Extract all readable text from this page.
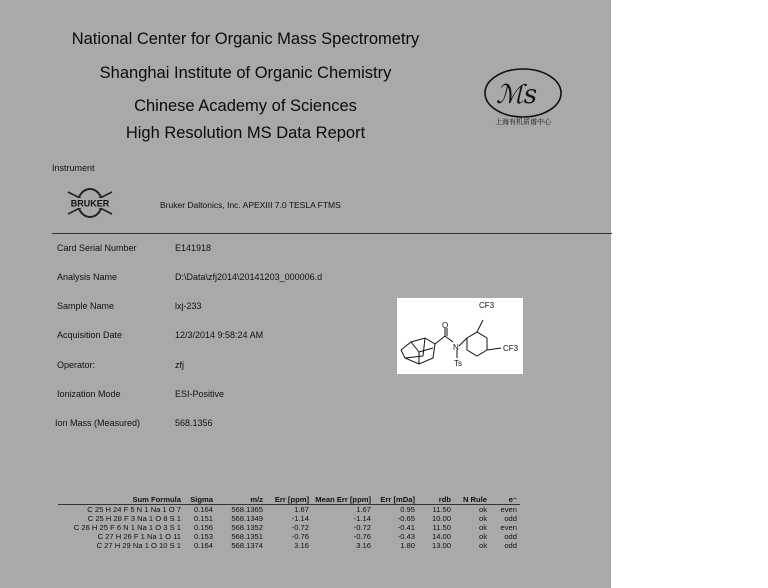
National Center for Organic Mass Spectrometry
Shanghai Institute of Organic Chemistry
Chinese Academy of Sciences
High Resolution MS Data Report
ℳs
上海有机质谱中心
Instrument
BRUKER	Bruker Daltonics, Inc. APEXIII 7.0 TESLA FTMS
Card Serial Number	E141918
Analysis Name	D:\Data\zfj2014\20141203_000006.d
Sample Name	lxj-233
Acquisition Date	12/3/2014 9:58:24 AM
Operator:	zfj
Ionization Mode	ESI-Positive
Ion Mass (Measured)	568.1356
O
N
Ts
CF3
CF3
Sum Formula	Sigma	m/z	Err [ppm]	Mean Err [ppm]	Err [mDa]	rdb	N Rule	e⁻
C 25 H 24 F 5 N 1 Na 1 O 7	0.164	568.1365	1.67	1.67	0.95	11.50	ok	even
C 25 H 28 F 3 Na 1 O 8 S 1	0.151	568.1349	-1.14	-1.14	-0.65	10.00	ok	odd
C 26 H 25 F 6 N 1 Na 1 O 3 S 1	0.156	568.1352	-0.72	-0.72	-0.41	11.50	ok	even
C 27 H 26 F 1 Na 1 O 11	0.153	568.1351	-0.76	-0.76	-0.43	14.00	ok	odd
C 27 H 29 Na 1 O 10 S 1	0.164	568.1374	3.16	3.16	1.80	13.00	ok	odd
